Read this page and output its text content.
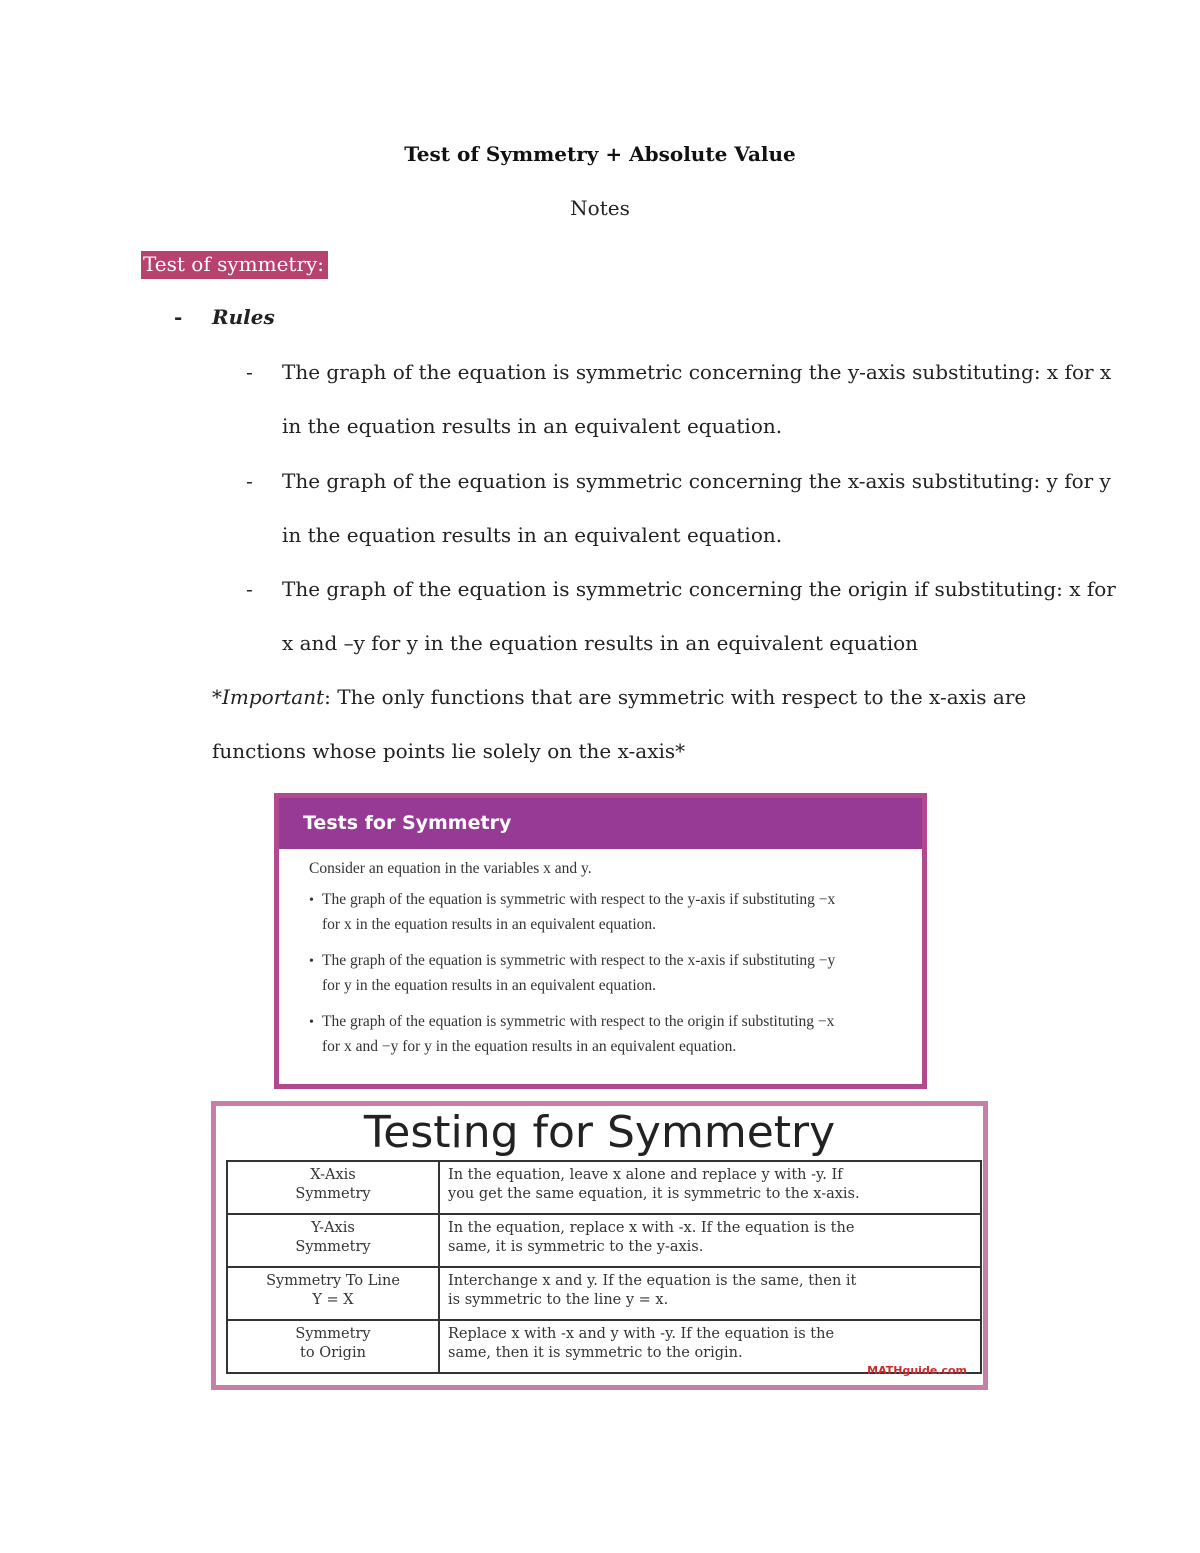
Test of Symmetry + Absolute Value
Notes
Test of symmetry:
- Rules
- The graph of the equation is symmetric concerning the y-axis substituting: x for x
in the equation results in an equivalent equation.
- The graph of the equation is symmetric concerning the x-axis substituting: y for y
in the equation results in an equivalent equation.
- The graph of the equation is symmetric concerning the origin if substituting: x for
x and –y for y in the equation results in an equivalent equation
*Important: The only functions that are symmetric with respect to the x-axis are
functions whose points lie solely on the x-axis*
Tests for Symmetry
Consider an equation in the variables x and y.
• The graph of the equation is symmetric with respect to the y-axis if substituting −x
for x in the equation results in an equivalent equation.
• The graph of the equation is symmetric with respect to the x-axis if substituting −y
for y in the equation results in an equivalent equation.
• The graph of the equation is symmetric with respect to the origin if substituting −x
for x and −y for y in the equation results in an equivalent equation.
Testing for Symmetry
X-Axis
Symmetry	In the equation, leave x alone and replace y with -y. If
you get the same equation, it is symmetric to the x-axis.
Y-Axis
Symmetry	In the equation, replace x with -x. If the equation is the
same, it is symmetric to the y-axis.
Symmetry To Line
Y = X	Interchange x and y. If the equation is the same, then it
is symmetric to the line y = x.
Symmetry
to Origin	Replace x with -x and y with -y. If the equation is the
same, then it is symmetric to the origin.
MATHguide.com
